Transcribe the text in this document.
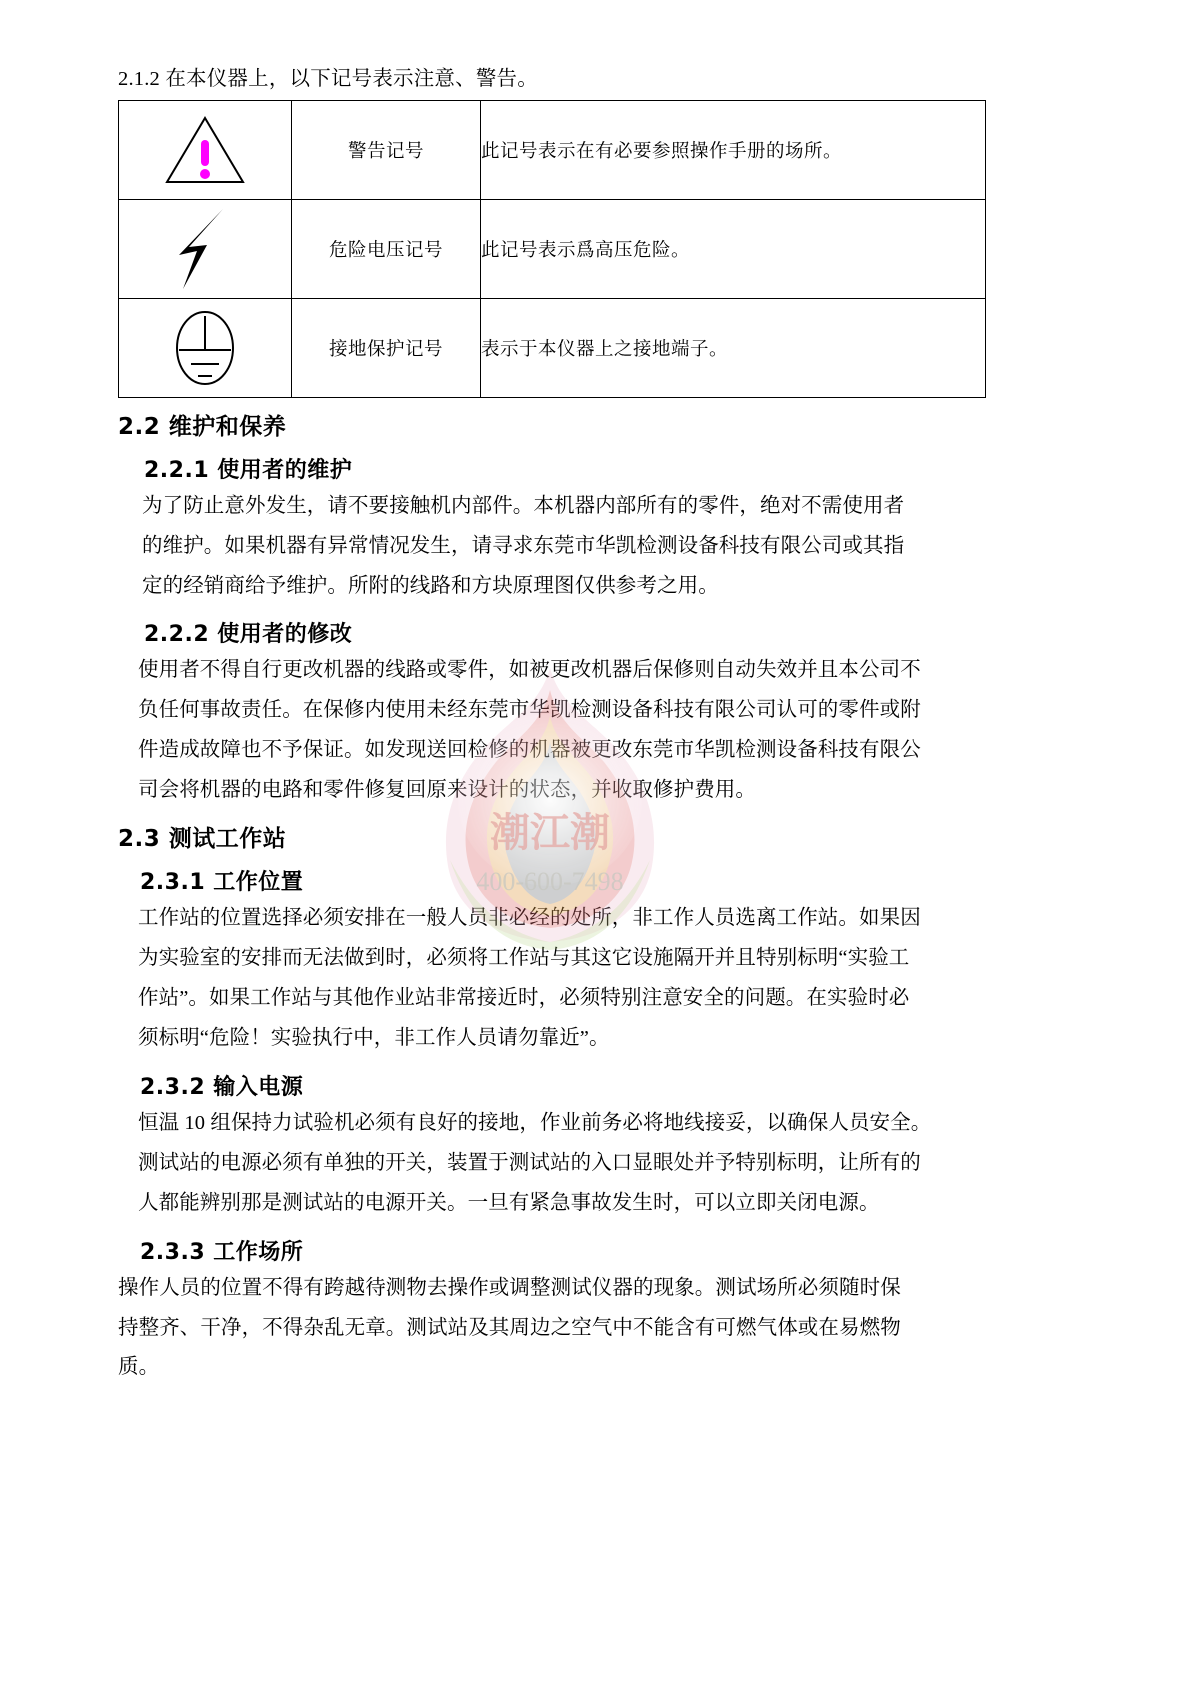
潮江潮
400-600-7498

2.1.2 在本仪器上，以下记号表示注意、警告。

	警告记号	此记号表示在有必要参照操作手册的场所。

	危险电压记号	此记号表示爲高压危险。

	接地保护记号	表示于本仪器上之接地端子。
2.2 维护和保养
2.2.1 使用者的维护

为了防止意外发生，请不要接触机内部件。本机器内部所有的零件，绝对不需使用者

的维护。如果机器有异常情况发生，请寻求东莞市华凯检测设备科技有限公司或其指

定的经销商给予维护。所附的线路和方块原理图仅供参考之用。

2.2.2 使用者的修改

使用者不得自行更改机器的线路或零件，如被更改机器后保修则自动失效并且本公司不

负任何事故责任。在保修内使用未经东莞市华凯检测设备科技有限公司认可的零件或附

件造成故障也不予保证。如发现送回检修的机器被更改东莞市华凯检测设备科技有限公

司会将机器的电路和零件修复回原来设计的状态，并收取修护费用。

2.3 测试工作站
2.3.1 工作位置

工作站的位置选择必须安排在一般人员非必经的处所，非工作人员选离工作站。如果因

为实验室的安排而无法做到时，必须将工作站与其这它设施隔开并且特别标明“实验工

作站”。如果工作站与其他作业站非常接近时，必须特别注意安全的问题。在实验时必

须标明“危险！实验执行中，非工作人员请勿靠近”。

2.3.2 输入电源

恒温 10 组保持力试验机必须有良好的接地，作业前务必将地线接妥，以确保人员安全。

测试站的电源必须有单独的开关，装置于测试站的入口显眼处并予特别标明，让所有的

人都能辨别那是测试站的电源开关。一旦有紧急事故发生时，可以立即关闭电源。

2.3.3 工作场所

操作人员的位置不得有跨越待测物去操作或调整测试仪器的现象。测试场所必须随时保

持整齐、干净，不得杂乱无章。测试站及其周边之空气中不能含有可燃气体或在易燃物

质。
